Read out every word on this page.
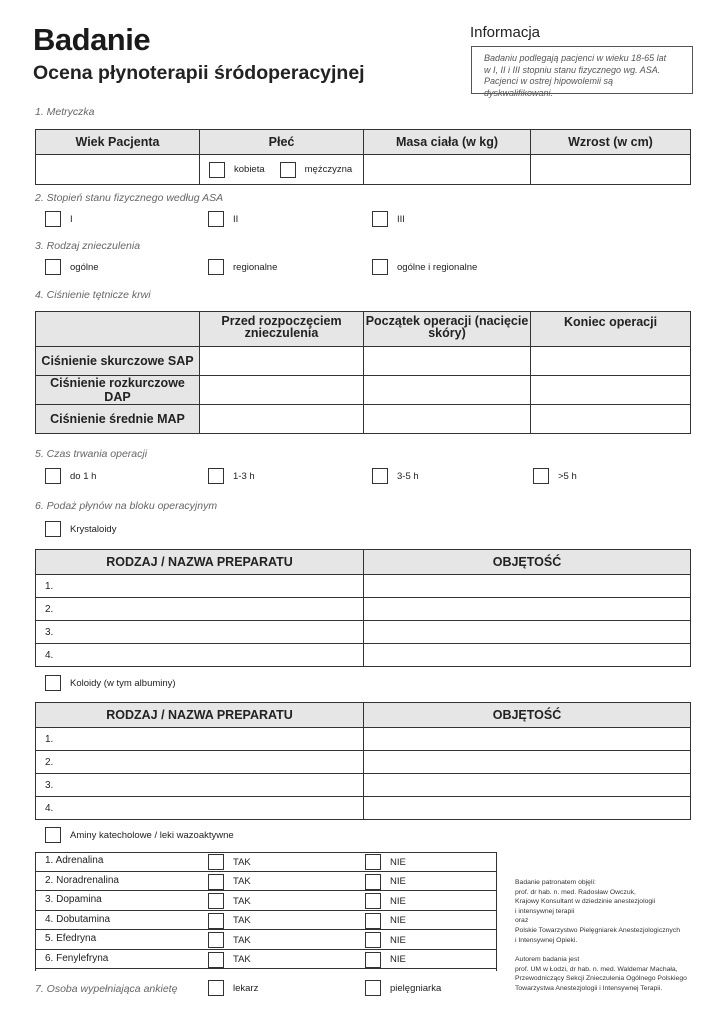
Badanie
Ocena płynoterapii śródoperacyjnej
Informacja
Badaniu podlegają pacjenci w wieku 18-65 lat
w I, II i III stopniu stanu fizycznego wg. ASA.
Pacjenci w ostrej hipowolemii są dyskwalifikowani.
1. Metryczka
Wiek Pacjenta	Płeć	Masa ciała (w kg)	Wzrost (w cm)

	kobieta mężczyzna		

2. Stopień stanu fizycznego według ASA
I	II	III
3. Rodzaj znieczulenia
ogólne	regionalne	ogólne i regionalne
4. Ciśnienie tętnicze krwi
	Przed rozpoczęciem znieczulenia	Początek operacji (nacięcie skóry)	Koniec operacji
Ciśnienie skurczowe SAP			
Ciśnienie rozkurczowe DAP			
Ciśnienie średnie MAP			
5. Czas trwania operacji
do 1 h	1-3 h	3-5 h	>5 h
6. Podaż płynów na bloku operacyjnym
Krystaloidy
RODZAJ / NAZWA PREPARATU	OBJĘTOŚĆ
1.	
2.	
3.	
4.	
Koloidy (w tym albuminy)
RODZAJ / NAZWA PREPARATU	OBJĘTOŚĆ
1.	
2.	
3.	
4.	
Aminy katecholowe / leki wazoaktywne
1. Adrenalina	TAK	NIE
2. Noradrenalina	TAK	NIE
3. Dopamina	TAK	NIE
4. Dobutamina	TAK	NIE
5. Efedryna	TAK	NIE
6. Fenylefryna	TAK	NIE
7. Osoba wypełniająca ankietę	lekarz	pielęgniarka
Badanie patronatem objęli:
prof. dr hab. n. med. Radosław Owczuk,
Krajowy Konsultant w dziedzinie anestezjologii
i intensywnej terapii
oraz
Polskie Towarzystwo Pielęgniarek Anestezjologicznych
i Intensywnej Opieki.
Autorem badania jest
prof. UM w Łodzi, dr hab. n. med. Waldemar Machała,
Przewodniczący Sekcji Znieczulenia Ogólnego Polskiego
Towarzystwa Anestezjologii i Intensywnej Terapii.
